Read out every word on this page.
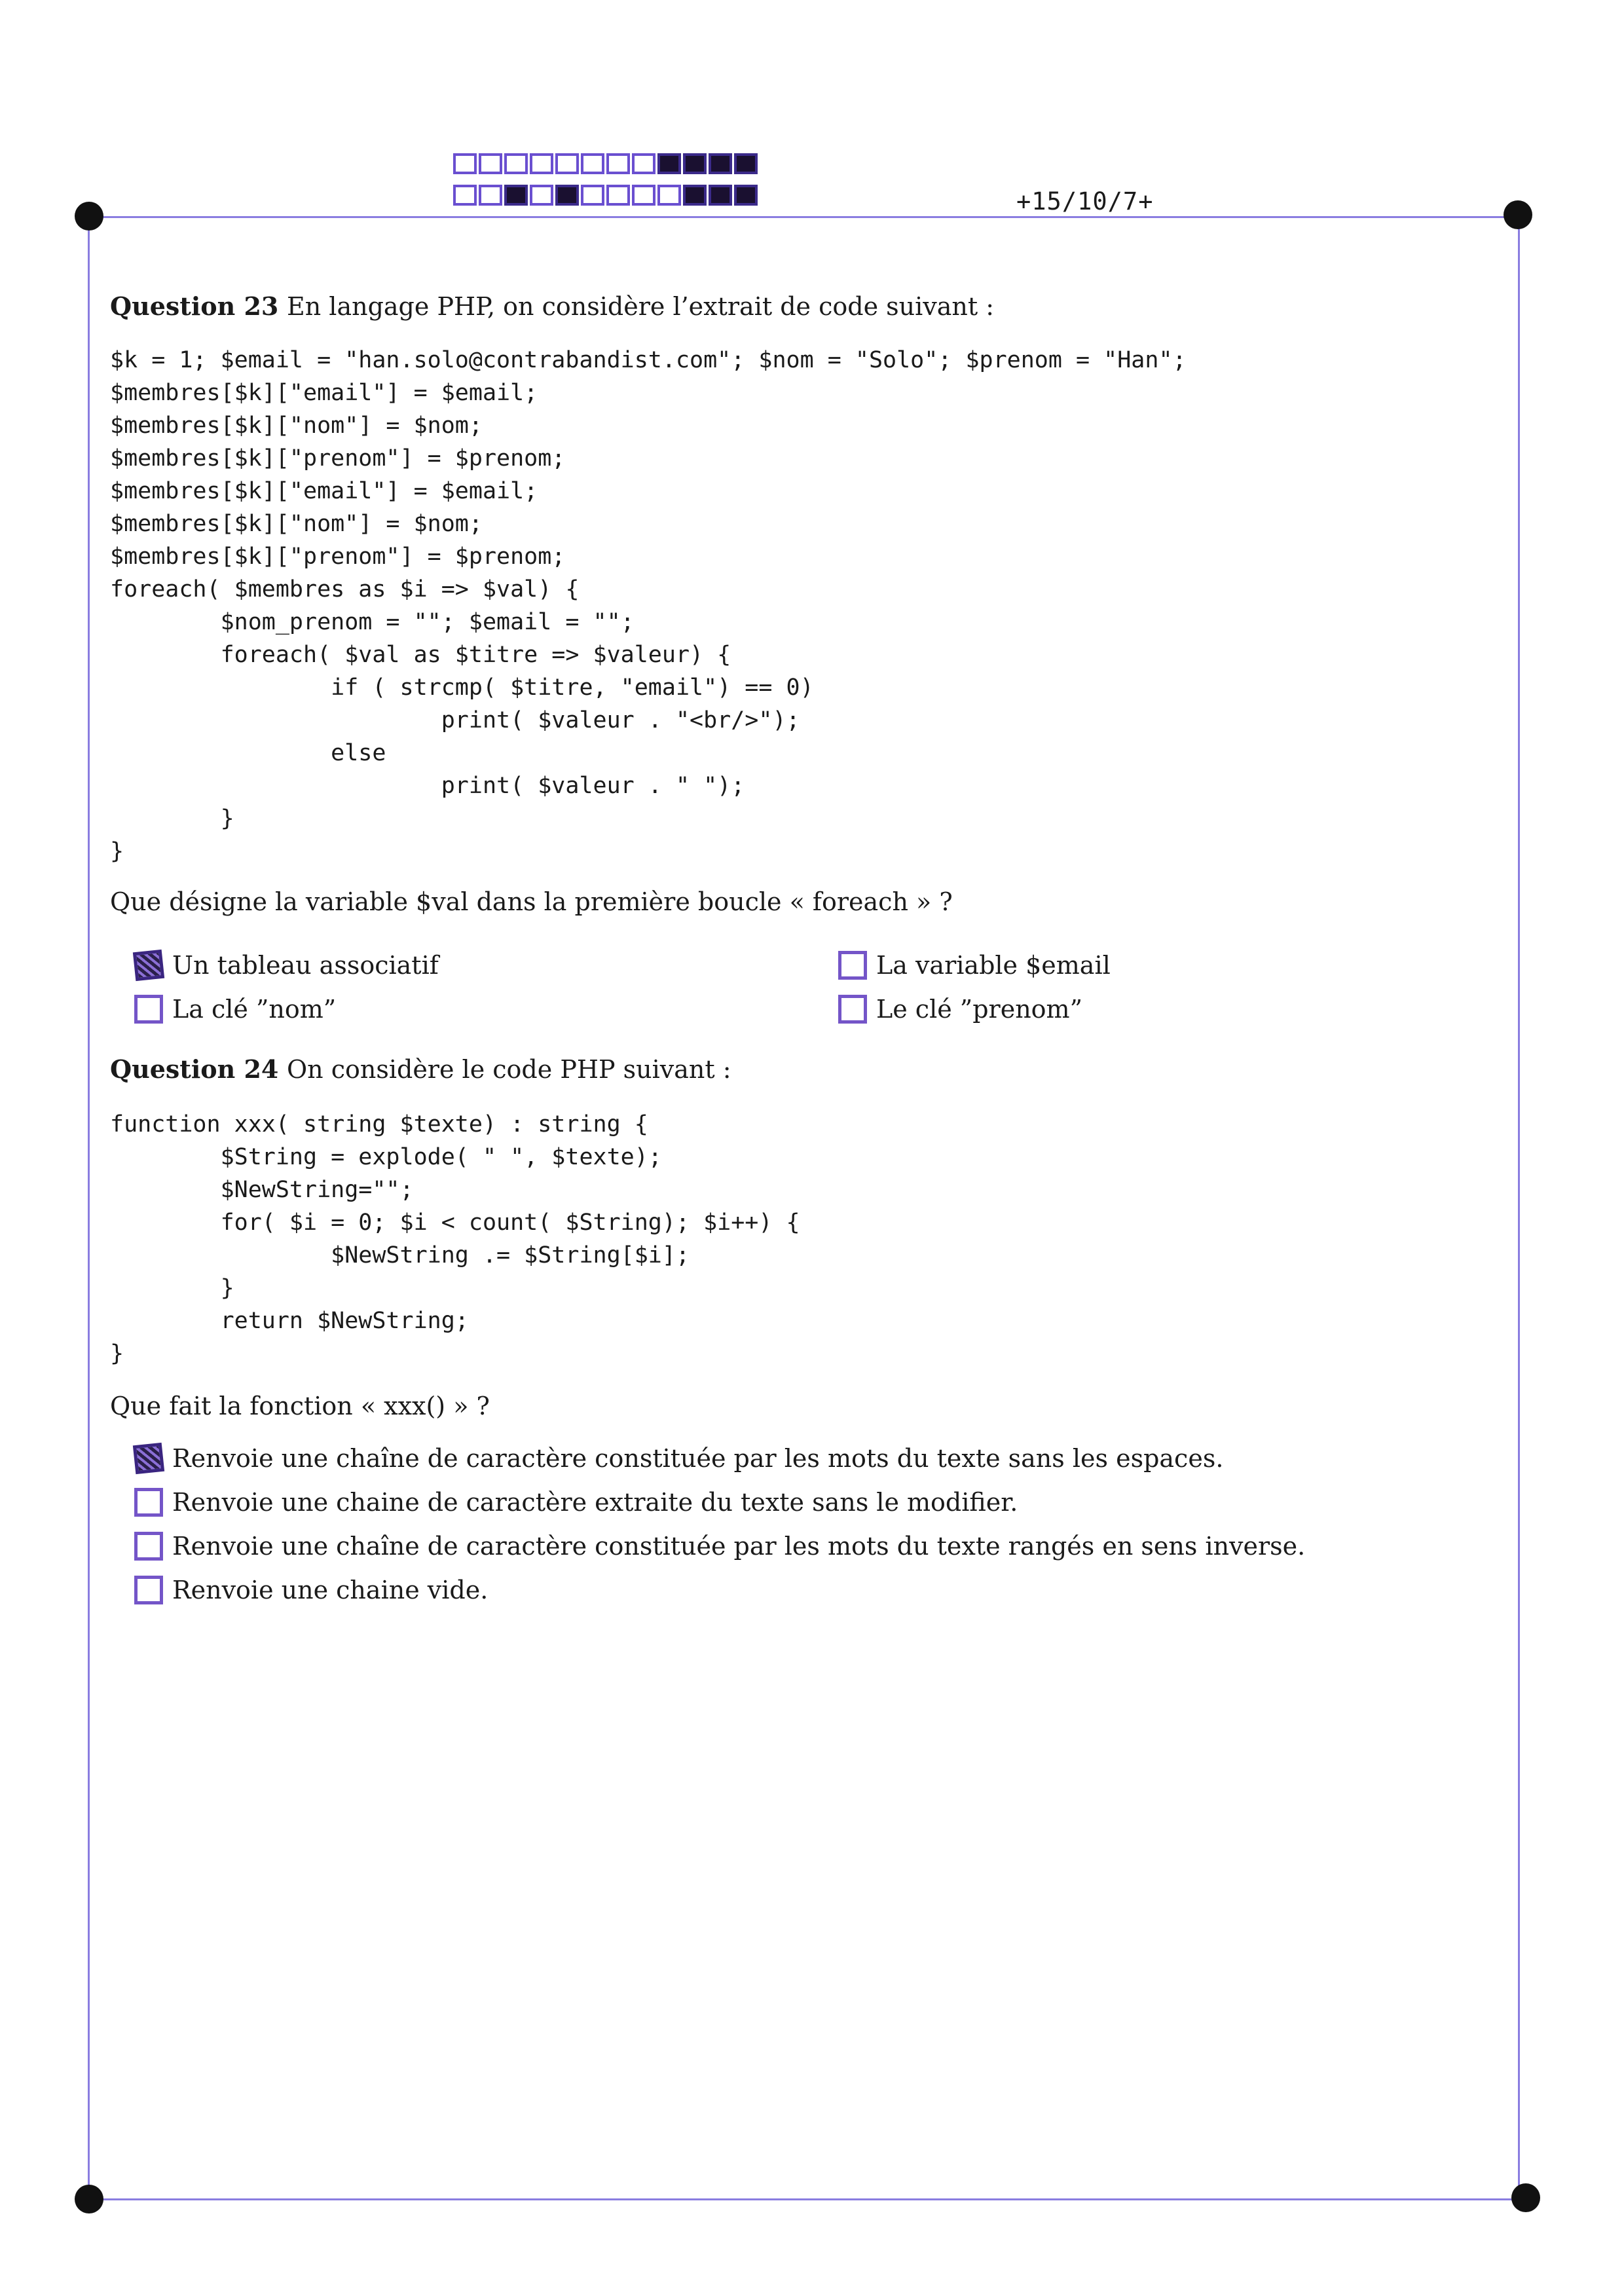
+15/10/7+
Question 23 En langage PHP, on considère l’extrait de code suivant :
$k = 1; $email = "han.solo@contrabandist.com"; $nom = "Solo"; $prenom = "Han";
$membres[$k]["email"] = $email;
$membres[$k]["nom"] = $nom;
$membres[$k]["prenom"] = $prenom;
$membres[$k]["email"] = $email;
$membres[$k]["nom"] = $nom;
$membres[$k]["prenom"] = $prenom;
foreach( $membres as $i => $val) {
$nom_prenom = ""; $email = "";
foreach( $val as $titre => $valeur) {
if ( strcmp( $titre, "email") == 0)
print( $valeur . "<br/>");
else
print( $valeur . " ");
}
}
Que désigne la variable $val dans la première boucle « foreach » ?
Un tableau associatif	La variable $email
La clé ”nom”	Le clé ”prenom”
Question 24 On considère le code PHP suivant :
function xxx( string $texte) : string {
$String = explode( " ", $texte);
$NewString="";
for( $i = 0; $i < count( $String); $i++) {
$NewString .= $String[$i];
}
return $NewString;
}
Que fait la fonction « xxx() » ?
Renvoie une chaîne de caractère constituée par les mots du texte sans les espaces.
Renvoie une chaine de caractère extraite du texte sans le modifier.
Renvoie une chaîne de caractère constituée par les mots du texte rangés en sens inverse.
Renvoie une chaine vide.
